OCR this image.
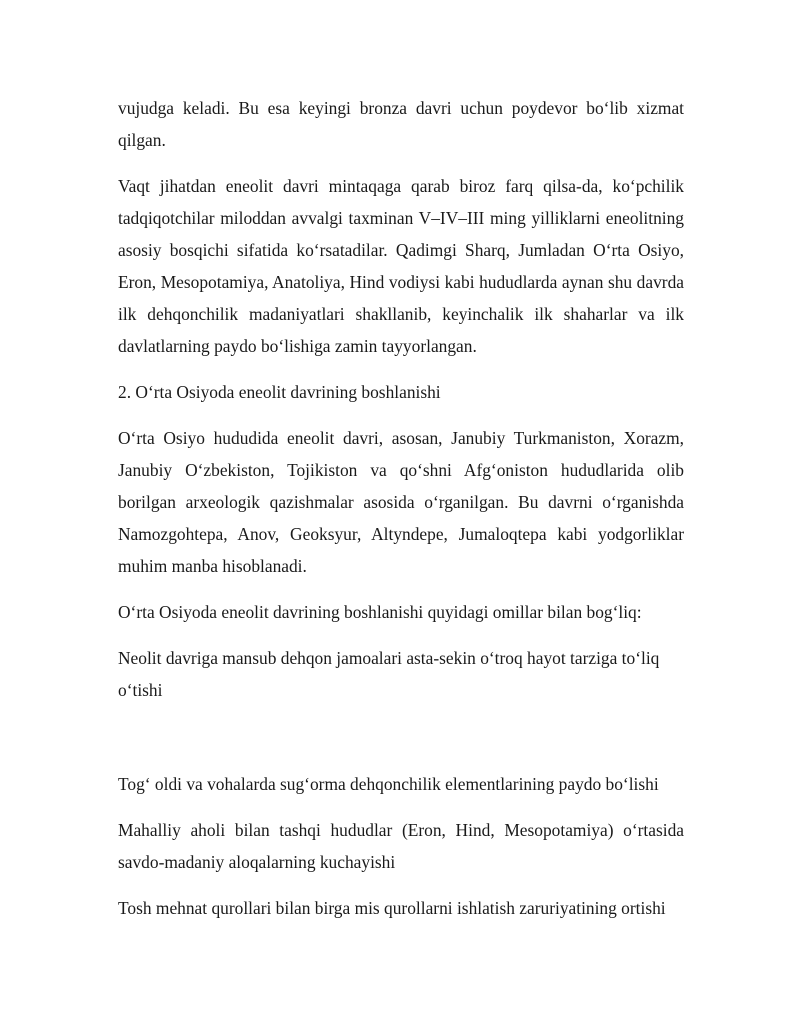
vujudga keladi. Bu esa keyingi bronza davri uchun poydevor bo‘lib xizmat qilgan.

Vaqt jihatdan eneolit davri mintaqaga qarab biroz farq qilsa-da, ko‘pchilik tadqiqotchilar miloddan avvalgi taxminan V–IV–III ming yilliklarni eneolitning asosiy bosqichi sifatida ko‘rsatadilar. Qadimgi Sharq, Jumladan O‘rta Osiyo, Eron, Mesopotamiya, Anatoliya, Hind vodiysi kabi hududlarda aynan shu davrda ilk dehqonchilik madaniyatlari shakllanib, keyinchalik ilk shaharlar va ilk davlatlarning paydo bo‘lishiga zamin tayyorlangan.

2. O‘rta Osiyoda eneolit davrining boshlanishi

O‘rta Osiyo hududida eneolit davri, asosan, Janubiy Turkmaniston, Xorazm, Janubiy O‘zbekiston, Tojikiston va qo‘shni Afg‘oniston hududlarida olib borilgan arxeologik qazishmalar asosida o‘rganilgan. Bu davrni o‘rganishda Namozgohtepa, Anov, Geoksyur, Altyndepe, Jumaloqtepa kabi yodgorliklar muhim manba hisoblanadi.

O‘rta Osiyoda eneolit davrining boshlanishi quyidagi omillar bilan bog‘liq:

Neolit davriga mansub dehqon jamoalari asta-sekin o‘troq hayot tarziga to‘liq o‘tishi

Tog‘ oldi va vohalarda sug‘orma dehqonchilik elementlarining paydo bo‘lishi

Mahalliy aholi bilan tashqi hududlar (Eron, Hind, Mesopotamiya) o‘rtasida savdo-madaniy aloqalarning kuchayishi

Tosh mehnat qurollari bilan birga mis qurollarni ishlatish zaruriyatining ortishi
